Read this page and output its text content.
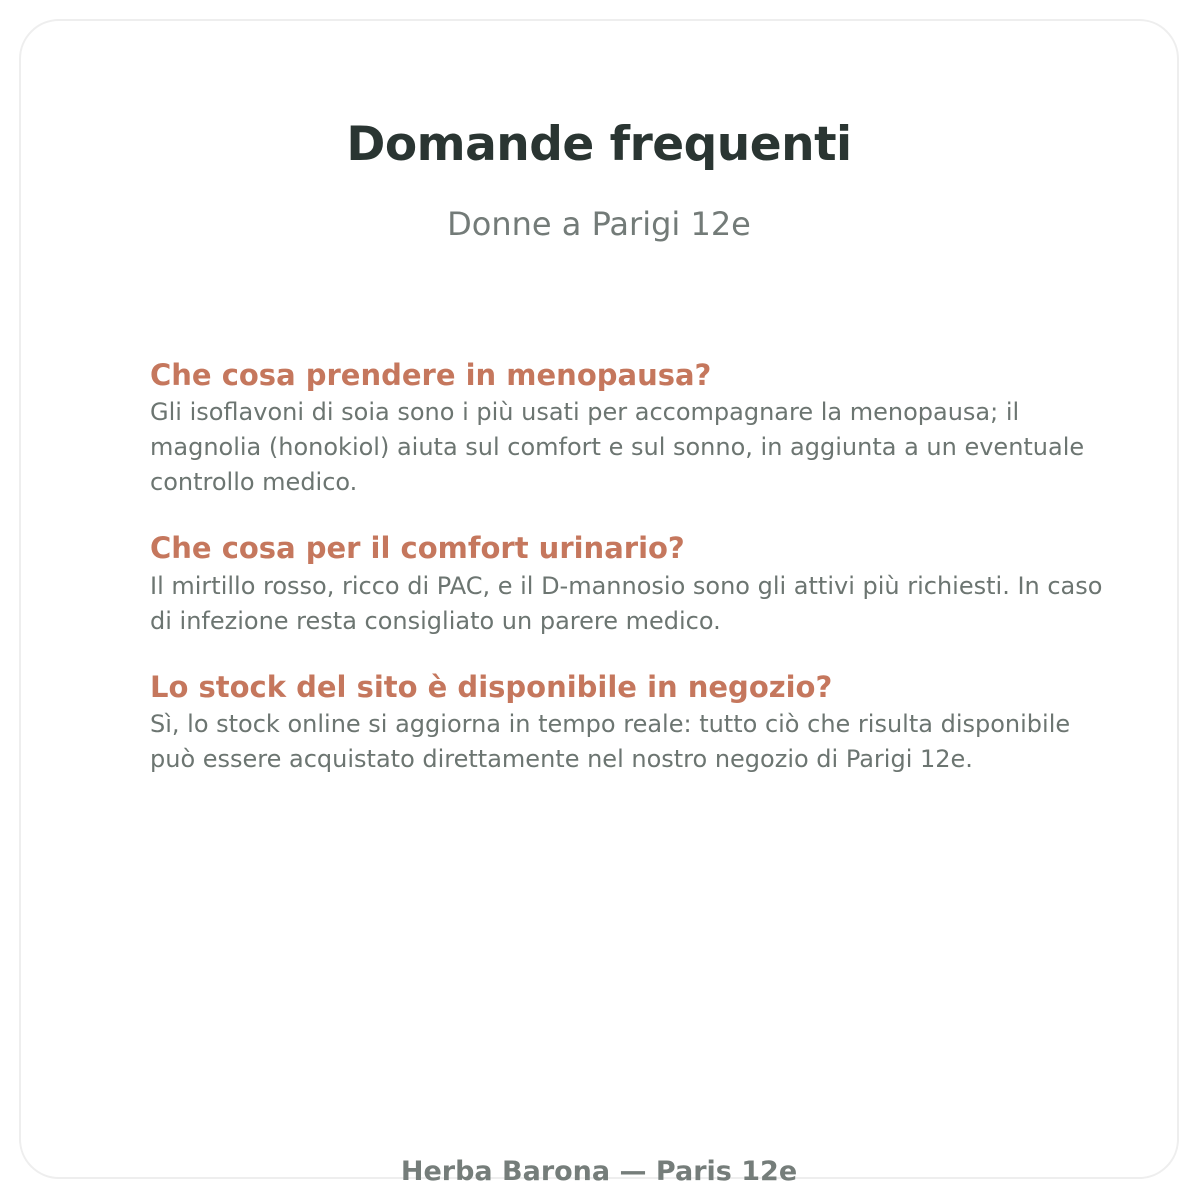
Domande frequenti
Donne a Parigi 12e
Che cosa prendere in menopausa?

Gli isoflavoni di soia sono i più usati per accompagnare la menopausa; il magnolia (honokiol) aiuta sul comfort e sul sonno, in aggiunta a un eventuale controllo medico.

Che cosa per il comfort urinario?

Il mirtillo rosso, ricco di PAC, e il D-mannosio sono gli attivi più richiesti. In caso di infezione resta consigliato un parere medico.

Lo stock del sito è disponibile in negozio?

Sì, lo stock online si aggiorna in tempo reale: tutto ciò che risulta disponibile può essere acquistato direttamente nel nostro negozio di Parigi 12e.

Herba Barona — Paris 12e
